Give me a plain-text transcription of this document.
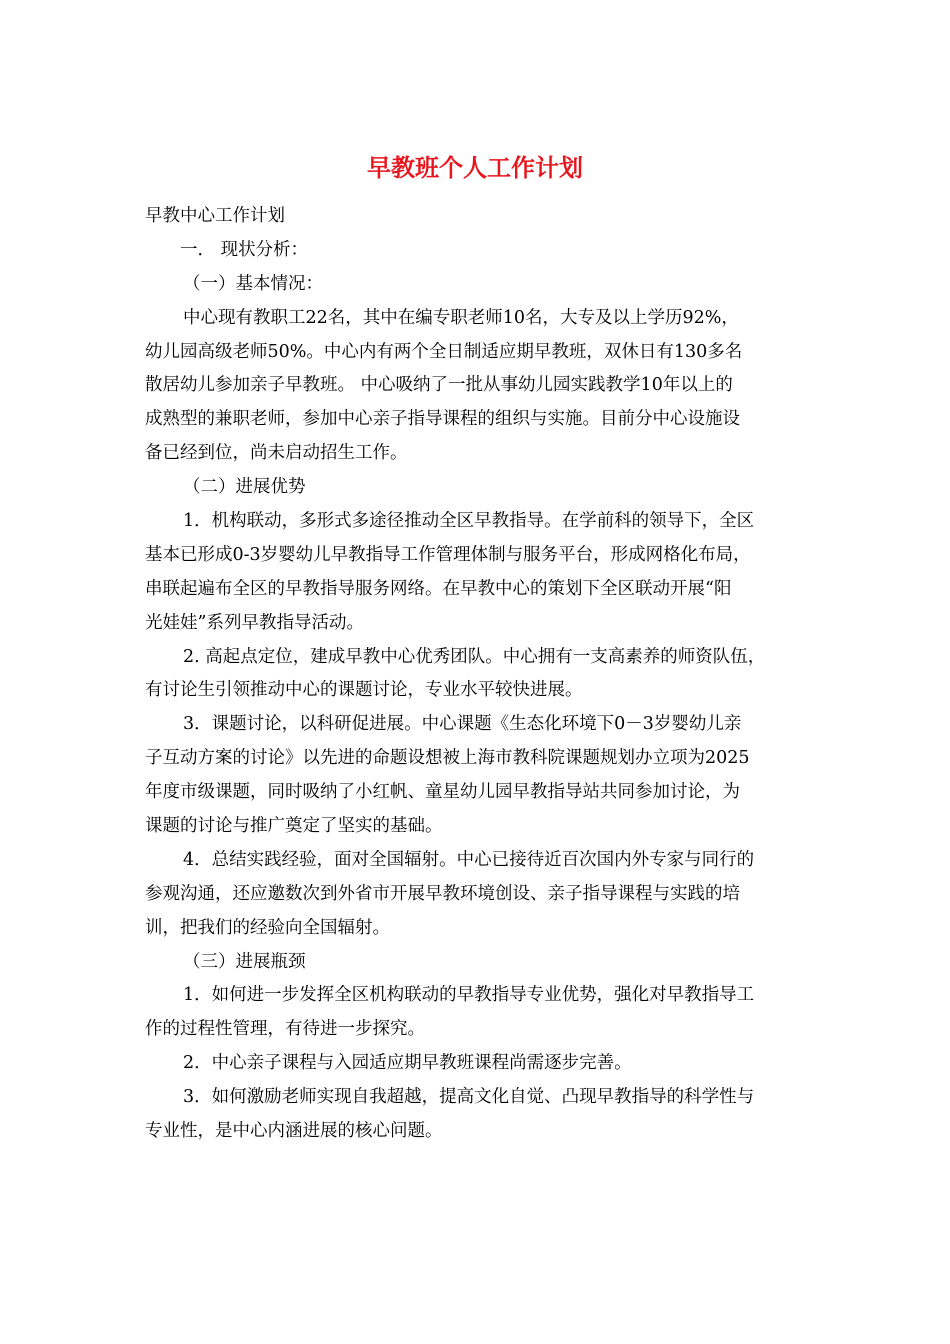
早教班个人工作计划
早教中心工作计划
一． 现状分析：
（一）基本情况：
中心现有教职工22名，其中在编专职老师10名，大专及以上学历92%，
幼儿园高级老师50%。中心内有两个全日制适应期早教班，双休日有130多名
散居幼儿参加亲子早教班。 中心吸纳了一批从事幼儿园实践教学10年以上的
成熟型的兼职老师，参加中心亲子指导课程的组织与实施。目前分中心设施设
备已经到位，尚未启动招生工作。
（二）进展优势
1．机构联动，多形式多途径推动全区早教指导。在学前科的领导下，全区
基本已形成0-3岁婴幼儿早教指导工作管理体制与服务平台，形成网格化布局，
串联起遍布全区的早教指导服务网络。在早教中心的策划下全区联动开展“阳
光娃娃”系列早教指导活动。
2. 高起点定位，建成早教中心优秀团队。中心拥有一支高素养的师资队伍，
有讨论生引领推动中心的课题讨论，专业水平较快进展。
3．课题讨论，以科研促进展。中心课题《生态化环境下0－3岁婴幼儿亲
子互动方案的讨论》以先进的命题设想被上海市教科院课题规划办立项为2025
年度市级课题，同时吸纳了小红帆、童星幼儿园早教指导站共同参加讨论，为
课题的讨论与推广奠定了坚实的基础。
4．总结实践经验，面对全国辐射。中心已接待近百次国内外专家与同行的
参观沟通，还应邀数次到外省市开展早教环境创设、亲子指导课程与实践的培
训，把我们的经验向全国辐射。
（三）进展瓶颈
1．如何进一步发挥全区机构联动的早教指导专业优势，强化对早教指导工
作的过程性管理，有待进一步探究。
2．中心亲子课程与入园适应期早教班课程尚需逐步完善。
3．如何激励老师实现自我超越，提高文化自觉、凸现早教指导的科学性与
专业性，是中心内涵进展的核心问题。
